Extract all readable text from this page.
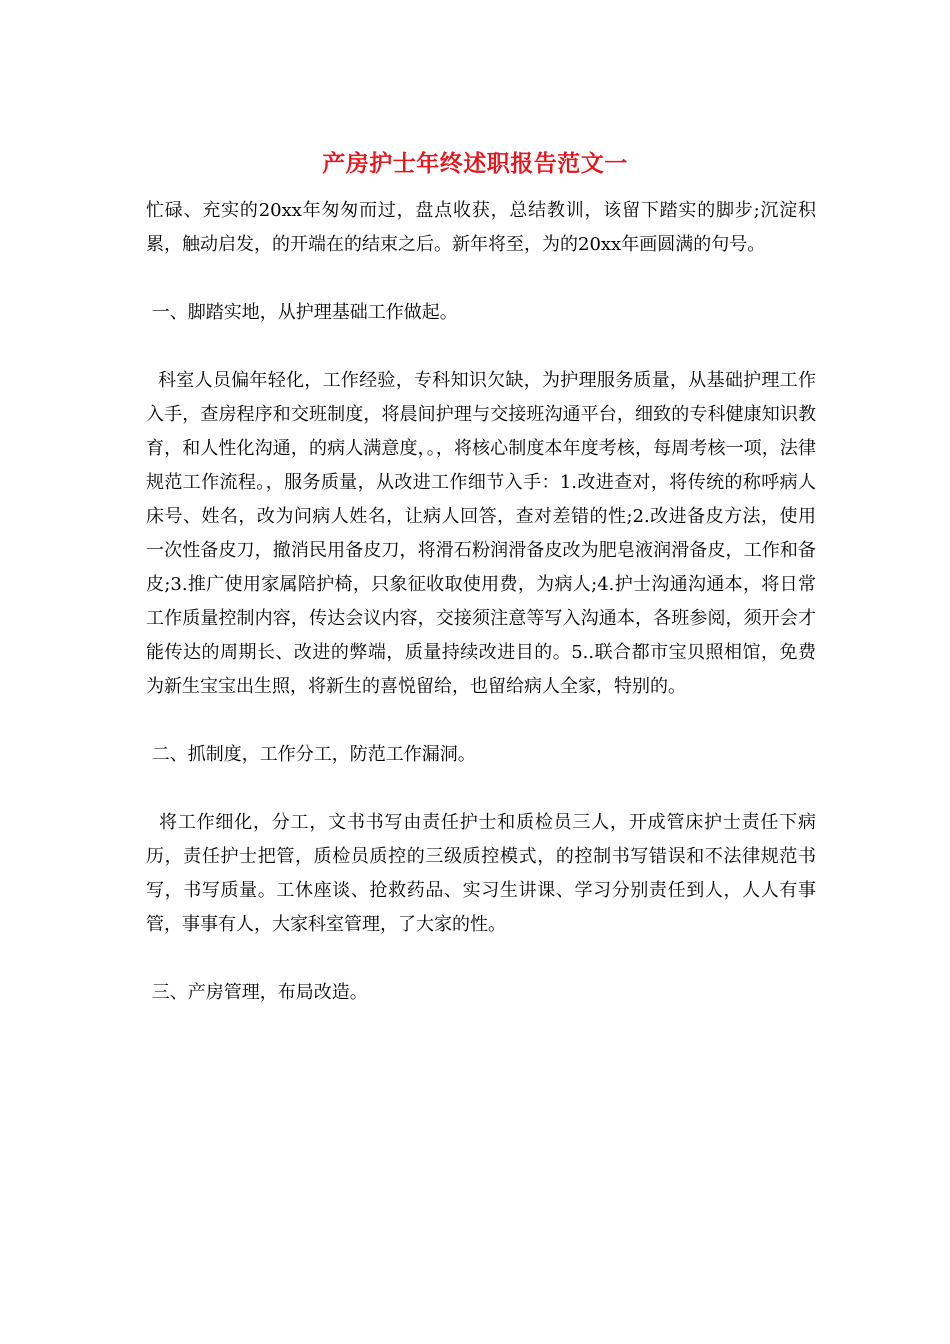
产房护士年终述职报告范文一

忙碌、充实的20xx年匆匆而过，盘点收获，总结教训，该留下踏实的脚步;沉淀积累，触动启发，的开端在的结束之后。新年将至，为的20xx年画圆满的句号。

一、脚踏实地，从护理基础工作做起。

科室人员偏年轻化，工作经验，专科知识欠缺，为护理服务质量，从基础护理工作入手，查房程序和交班制度，将晨间护理与交接班沟通平台，细致的专科健康知识教育，和人性化沟通，的病人满意度，。，将核心制度本年度考核，每周考核一项，法律规范工作流程。，服务质量，从改进工作细节入手：1.改进查对，将传统的称呼病人床号、姓名，改为问病人姓名，让病人回答，查对差错的性;2.改进备皮方法，使用一次性备皮刀，撤消民用备皮刀，将滑石粉润滑备皮改为肥皂液润滑备皮，工作和备皮;3.推广使用家属陪护椅，只象征收取使用费，为病人;4.护士沟通沟通本，将日常工作质量控制内容，传达会议内容，交接须注意等写入沟通本，各班参阅，须开会才能传达的周期长、改进的弊端，质量持续改进目的。5..联合都市宝贝照相馆，免费为新生宝宝出生照，将新生的喜悦留给，也留给病人全家，特别的。

二、抓制度，工作分工，防范工作漏洞。

将工作细化，分工，文书书写由责任护士和质检员三人，开成管床护士责任下病历，责任护士把管，质检员质控的三级质控模式，的控制书写错误和不法律规范书写，书写质量。工休座谈、抢救药品、实习生讲课、学习分别责任到人，人人有事管，事事有人，大家科室管理，了大家的性。

三、产房管理，布局改造。
